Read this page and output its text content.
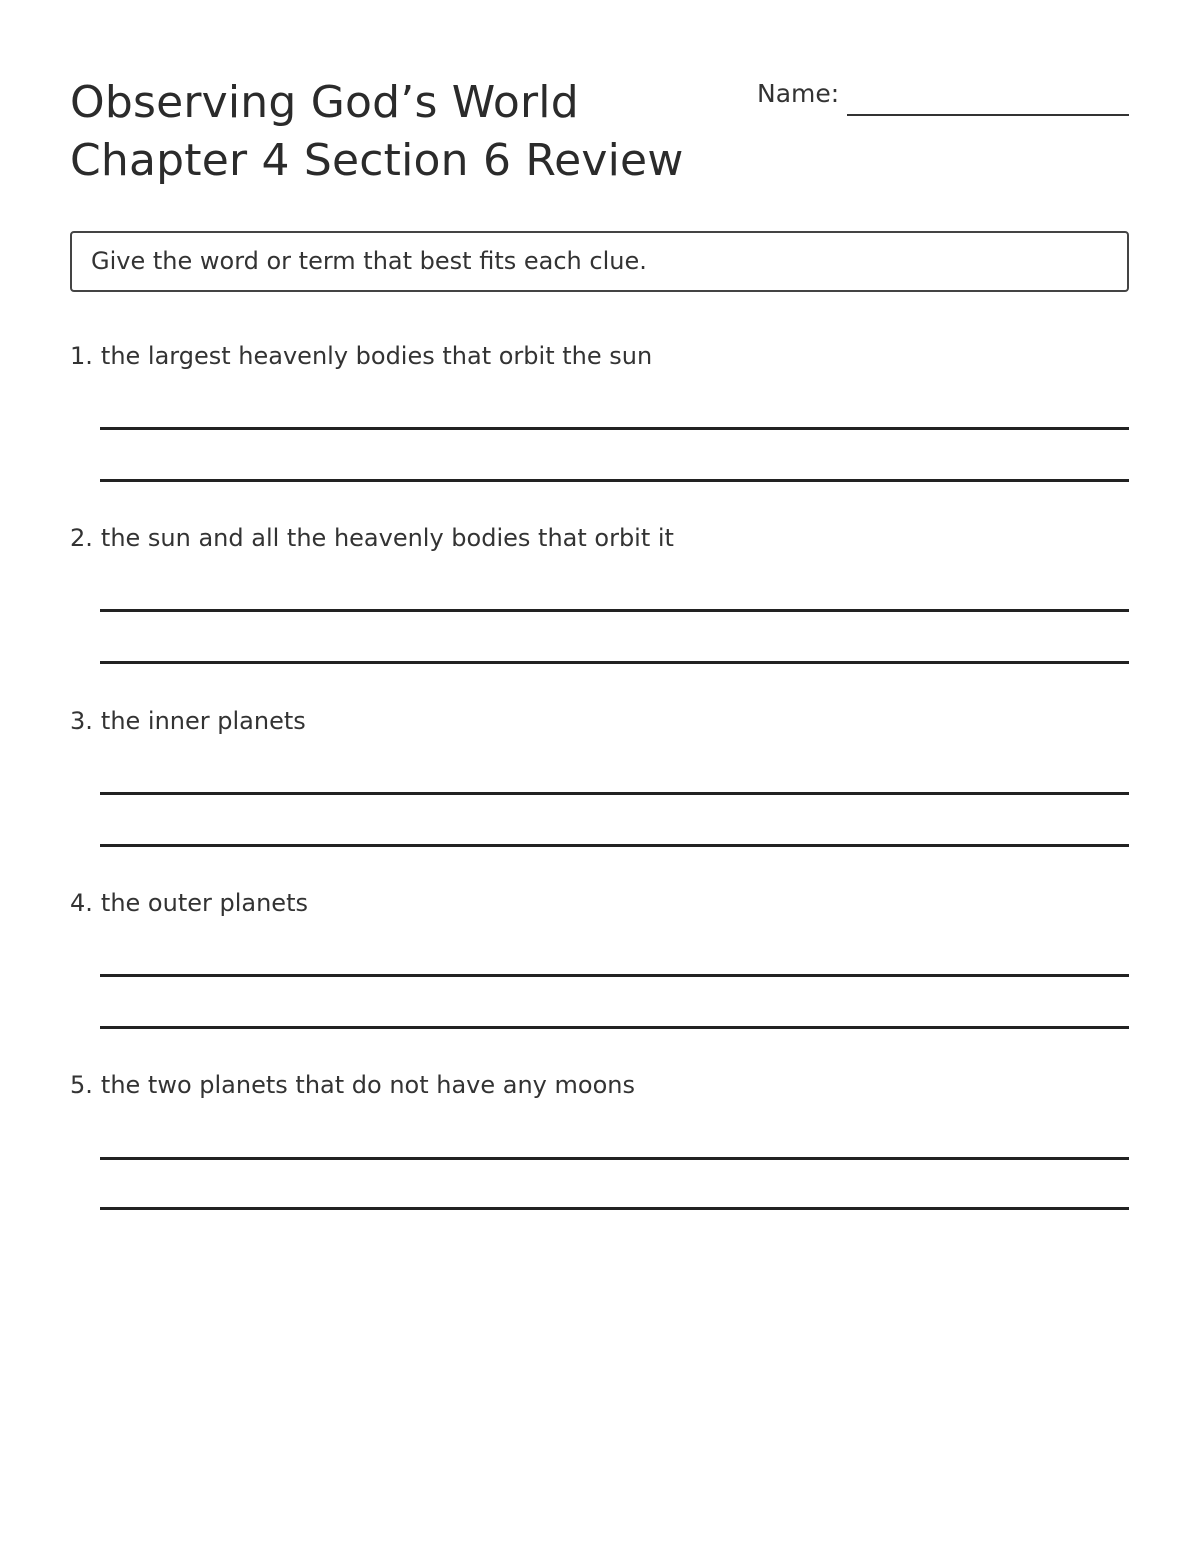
Observing God’s World
Chapter 4 Section 6 Review
Name:
Give the word or term that best fits each clue.
1. the largest heavenly bodies that orbit the sun
2. the sun and all the heavenly bodies that orbit it
3. the inner planets
4. the outer planets
5. the two planets that do not have any moons
